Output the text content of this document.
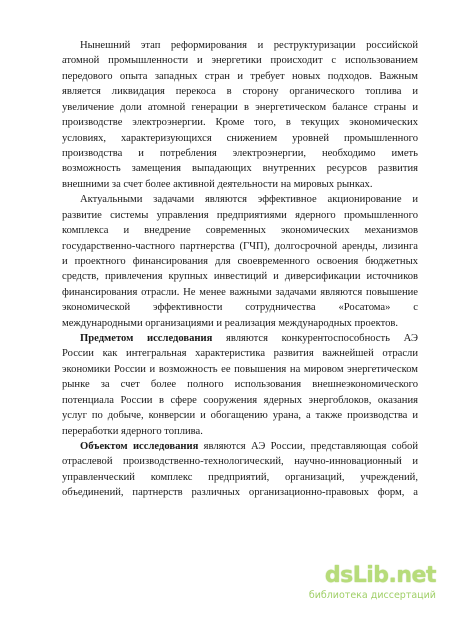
Нынешний этап реформирования и реструктуризации российской
атомной промышленности и энергетики происходит с использованием
передового опыта западных стран и требует новых подходов. Важным
является ликвидация перекоса в сторону органического топлива и
увеличение доли атомной генерации в энергетическом балансе страны и
производстве электроэнергии. Кроме того, в текущих экономических
условиях, характеризующихся снижением уровней промышленного
производства и потребления электроэнергии, необходимо иметь
возможность замещения выпадающих внутренних ресурсов развития
внешними за счет более активной деятельности на мировых рынках.
Актуальными задачами являются эффективное акционирование и
развитие системы управления предприятиями ядерного промышленного
комплекса и внедрение современных экономических механизмов
государственно-частного партнерства (ГЧП), долгосрочной аренды, лизинга
и проектного финансирования для своевременного освоения бюджетных
средств, привлечения крупных инвестиций и диверсификации источников
финансирования отрасли. Не менее важными задачами являются повышение
экономической эффективности сотрудничества «Росатома» с
международными организациями и реализация международных проектов.
Предметом исследования являются конкурентоспособность АЭ
России как интегральная характеристика развития важнейшей отрасли
экономики России и возможность ее повышения на мировом энергетическом
рынке за счет более полного использования внешнеэкономического
потенциала России в сфере сооружения ядерных энергоблоков, оказания
услуг по добыче, конверсии и обогащению урана, а также производства и
переработки ядерного топлива.
Объектом исследования являются АЭ России, представляющая собой
отраслевой производственно-технологический, научно-инновационный и
управленческий комплекс предприятий, организаций, учреждений,
объединений, партнерств различных организационно-правовых форм, а
dsLib.net
библиотека диссертаций
